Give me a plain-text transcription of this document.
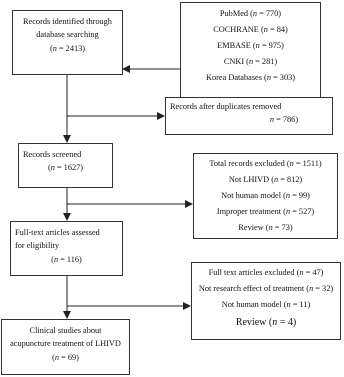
Records identified through
database searching
(n = 2413)
PubMed (n = 770)
COCHRANE (n = 84)
EMBASE (n = 975)
CNKI (n = 281)
Korea Databases (n = 303)
Records after duplicates removed
n = 786)
Records screened
(n = 1627)	Total records excluded (n = 1511)
Not LHIVD (n = 812)
Not human model (n = 99)
Improper treatment (n = 527)
Review (n = 73)
Full-text articles assessed
for eligibility
(n = 116)
Full text articles excluded (n = 47)
Not research effect of treatment (n = 32)
Not human model (n = 11)
Review (n = 4)
Clinical studies about
acupuncture treatment of LHIVD
(n = 69)
